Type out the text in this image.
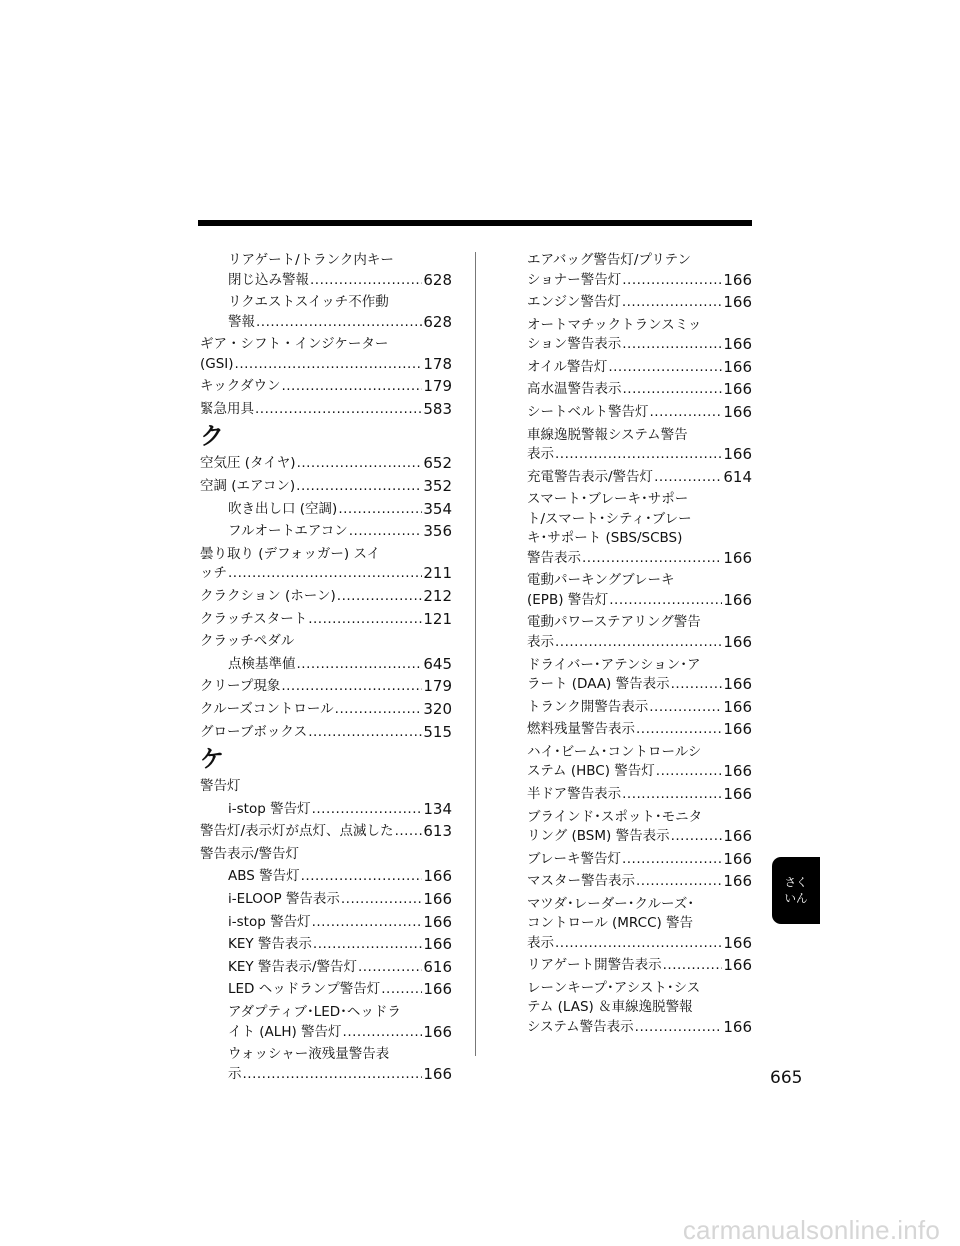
リアゲート/トランク内キー
閉じ込み警報 .....	628
リクエストスイッチ不作動
警報 .....	628
ギア・シフト・インジケーター
(GSI) .....	178
キックダウン .....	179
緊急用具 .....	583
ク
空気圧 (タイヤ) .....	652
空調 (エアコン) .....	352
吹き出し口 (空調) .....	354
フルオートエアコン .....	356
曇り取り (デフォッガー) スイ
ッチ .....	211
クラクション (ホーン) .....	212
クラッチスタート .....	121
クラッチペダル
点検基準値 .....	645
クリープ現象 .....	179
クルーズコントロール .....	320
グローブボックス .....	515
ケ
警告灯
i-stop 警告灯 .....	134
警告灯/表示灯が点灯、点滅した ..... 613
警告表示/警告灯
ABS 警告灯 .....	166
i-ELOOP 警告表示 .....	166
i-stop 警告灯 .....	166
KEY 警告表示 .....	166
KEY 警告表示/警告灯 .....	616
LED ヘッドランプ警告灯 .....	166
アダプティブ･LED･ヘッドラ
イト (ALH) 警告灯 .....	166
ウォッシャー液残量警告表
示 .....	166
エアバッグ警告灯/プリテン
ショナー警告灯 .....	166
エンジン警告灯 .....	166
オートマチックトランスミッ
ション警告表示 .....	166
オイル警告灯 .....	166
高水温警告表示 .....	166
シートベルト警告灯 .....	166
車線逸脱警報システム警告
表示 .....	166
充電警告表示/警告灯 .....	614
スマート･ブレーキ･サポー
ト/スマート･シティ･ブレー
キ･サポート (SBS/SCBS)
警告表示 .....	166
電動パーキングブレーキ
(EPB) 警告灯 .....	166
電動パワーステアリング警告
表示 .....	166
ドライバー･アテンション･ア
ラート (DAA) 警告表示 .....	166
トランク開警告表示 .....	166
燃料残量警告表示 .....	166
ハイ･ビーム･コントロールシ
ステム (HBC) 警告灯 .....	166
半ドア警告表示 .....	166
ブラインド･スポット･モニタ
リング (BSM) 警告表示 .....	166
ブレーキ警告灯 .....	166
マスター警告表示 .....	166
マツダ･レーダー･クルーズ･
コントロール (MRCC) 警告
表示 .....	166
リアゲート開警告表示 .....	166
レーンキープ･アシスト･シス
テム (LAS) ＆車線逸脱警報
システム警告表示 .....	166
さく
いん
665
carmanualsonline.info
